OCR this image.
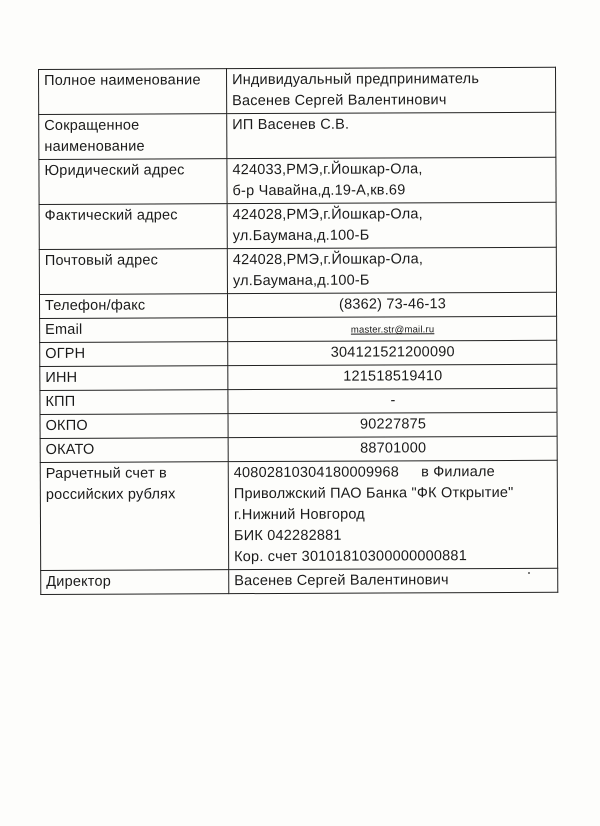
Полное наименование	Индивидуальный предприниматель
Васенев Сергей Валентинович

Сокращенное
наименование	ИП Васенев С.В.
Юридический адрес	424033,РМЭ,г.Йошкар-Ола,
б-р Чавайна,д.19-А,кв.69

Фактический адрес	424028,РМЭ,г.Йошкар-Ола,
ул.Баумана,д.100-Б

Почтовый адрес	424028,РМЭ,г.Йошкар-Ола,
ул.Баумана,д.100-Б

Телефон/факс	(8362) 73-46-13
Email	master.str@mail.ru
ОГРН	304121521200090
ИНН	121518519410
КПП	-
ОКПО	90227875
ОКАТО	88701000

Рарчетный счет в
российских рублях	40802810304180009968 в Филиале
Приволжский ПАО Банка "ФК Открытие"
г.Нижний Новгород
БИК 042282881
Кор. счет 30101810300000000881

Директор	Васенев Сергей Валентинович
